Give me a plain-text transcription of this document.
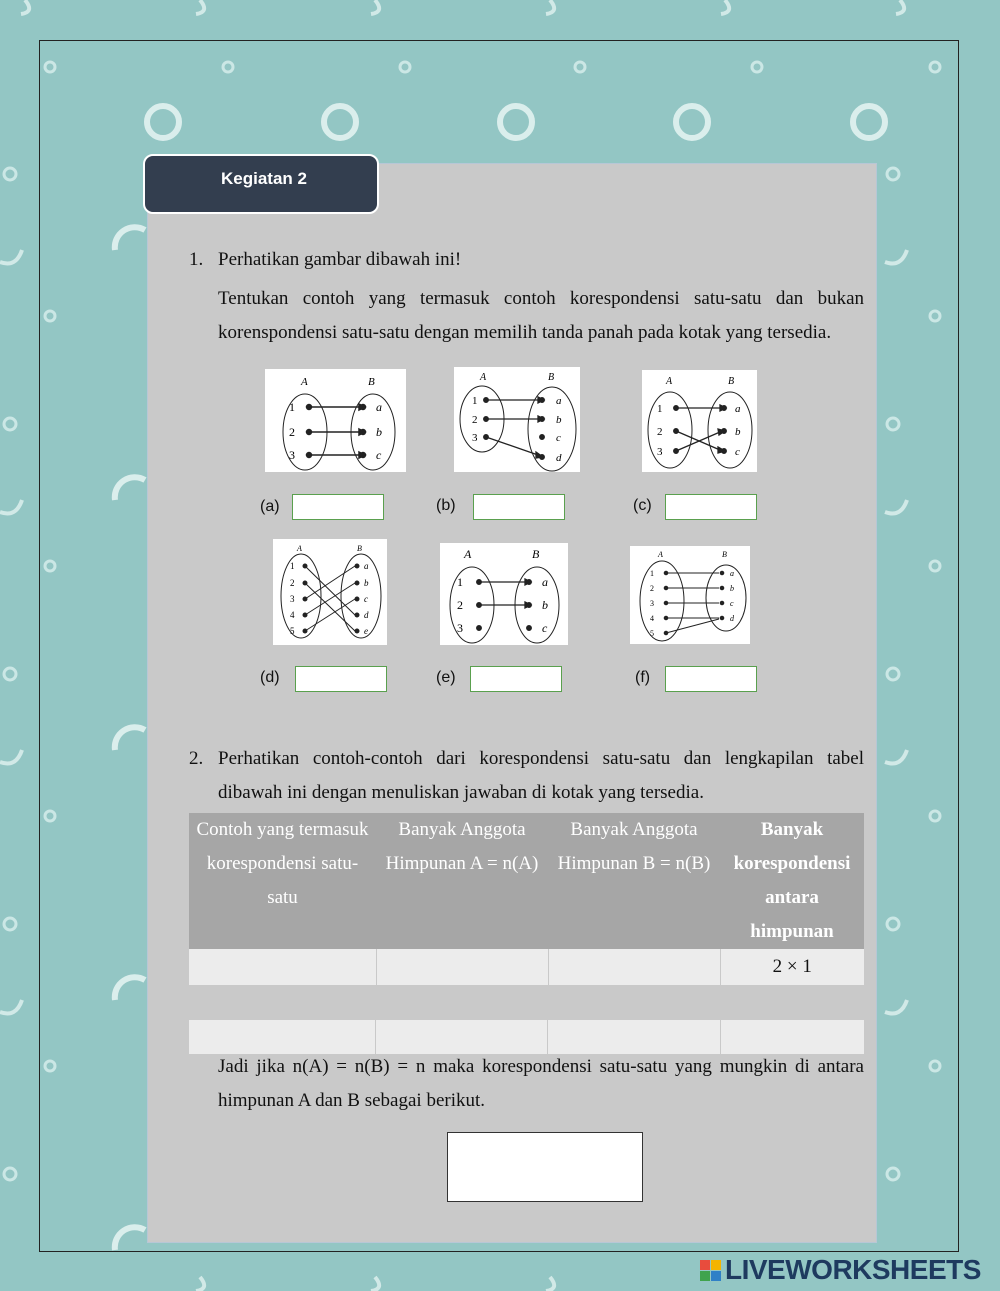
Kegiatan 2
1. Perhatikan gambar dibawah ini!
Tentukan contoh yang termasuk contoh korespondensi satu-satu dan bukan korenspondensi satu-satu dengan memilih tanda panah pada kotak yang tersedia.
A	B
1
2
3
a
b
c
A	B
1
2
3
a
b
c
d
A	B
1
2
3
a
b
c
(a)	(b)	(c)
A	B
1
2
3
4
5
a
b
c
d
e
A	B
1
2
3
a
b
c
A	B
1
2
3
4
5
a
b
c
d
(d)	(e)	(f)
2. Perhatikan contoh-contoh dari korespondensi satu-satu dan lengkapilan tabel dibawah ini dengan menuliskan jawaban di kotak yang tersedia.
Contoh yang termasuk korespondensi satu-satu	Banyak Anggota Himpunan A = n(A)	Banyak Anggota Himpunan B = n(B)	Banyak korespondensi antara himpunan
			2 × 1
Jadi jika n(A) = n(B) = n maka korespondensi satu-satu yang mungkin di antara himpunan A dan B sebagai berikut.
LIVEWORKSHEETS
